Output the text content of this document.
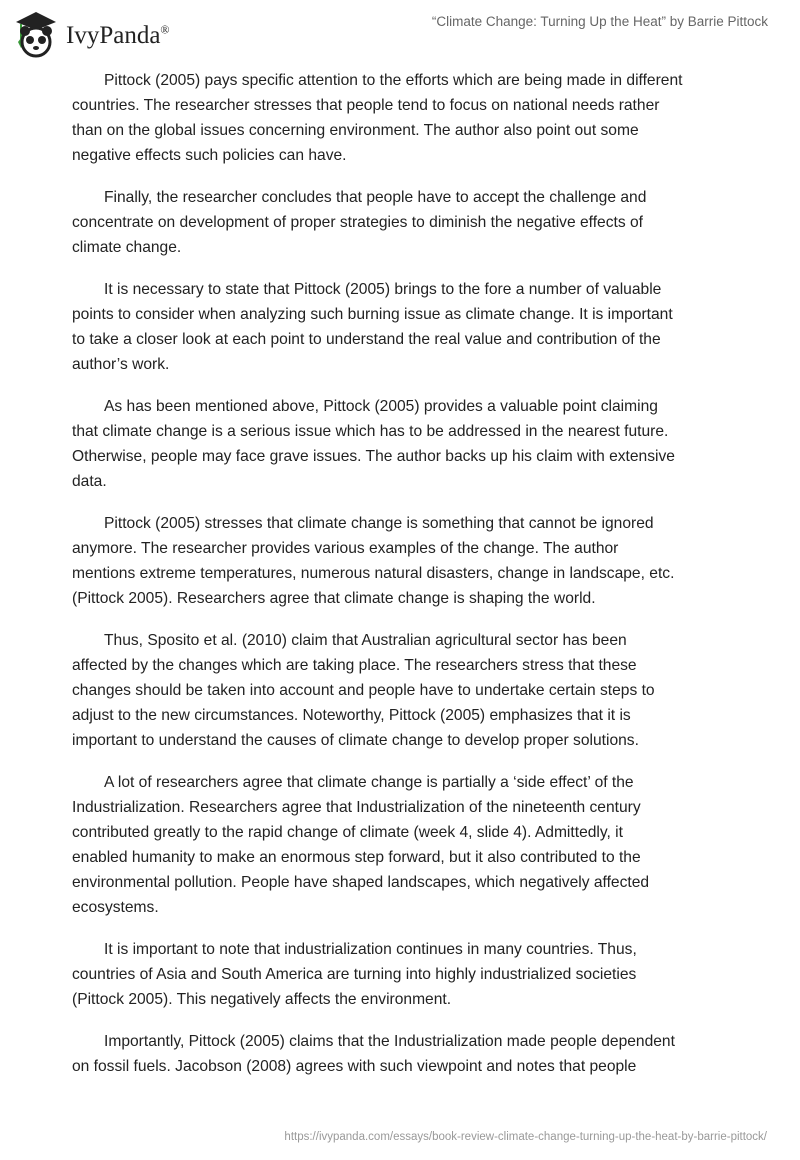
IvyPanda®
“Climate Change: Turning Up the Heat” by Barrie Pittock

Pittock (2005) pays specific attention to the efforts which are being made in different
countries. The researcher stresses that people tend to focus on national needs rather
than on the global issues concerning environment. The author also point out some
negative effects such policies can have.

Finally, the researcher concludes that people have to accept the challenge and
concentrate on development of proper strategies to diminish the negative effects of
climate change.

It is necessary to state that Pittock (2005) brings to the fore a number of valuable
points to consider when analyzing such burning issue as climate change. It is important
to take a closer look at each point to understand the real value and contribution of the
author’s work.

As has been mentioned above, Pittock (2005) provides a valuable point claiming
that climate change is a serious issue which has to be addressed in the nearest future.
Otherwise, people may face grave issues. The author backs up his claim with extensive
data.

Pittock (2005) stresses that climate change is something that cannot be ignored
anymore. The researcher provides various examples of the change. The author
mentions extreme temperatures, numerous natural disasters, change in landscape, etc.
(Pittock 2005). Researchers agree that climate change is shaping the world.

Thus, Sposito et al. (2010) claim that Australian agricultural sector has been
affected by the changes which are taking place. The researchers stress that these
changes should be taken into account and people have to undertake certain steps to
adjust to the new circumstances. Noteworthy, Pittock (2005) emphasizes that it is
important to understand the causes of climate change to develop proper solutions.

A lot of researchers agree that climate change is partially a ‘side effect’ of the
Industrialization. Researchers agree that Industrialization of the nineteenth century
contributed greatly to the rapid change of climate (week 4, slide 4). Admittedly, it
enabled humanity to make an enormous step forward, but it also contributed to the
environmental pollution. People have shaped landscapes, which negatively affected
ecosystems.

It is important to note that industrialization continues in many countries. Thus,
countries of Asia and South America are turning into highly industrialized societies
(Pittock 2005). This negatively affects the environment.

Importantly, Pittock (2005) claims that the Industrialization made people dependent
on fossil fuels. Jacobson (2008) agrees with such viewpoint and notes that people

https://ivypanda.com/essays/book-review-climate-change-turning-up-the-heat-by-barrie-pittock/
